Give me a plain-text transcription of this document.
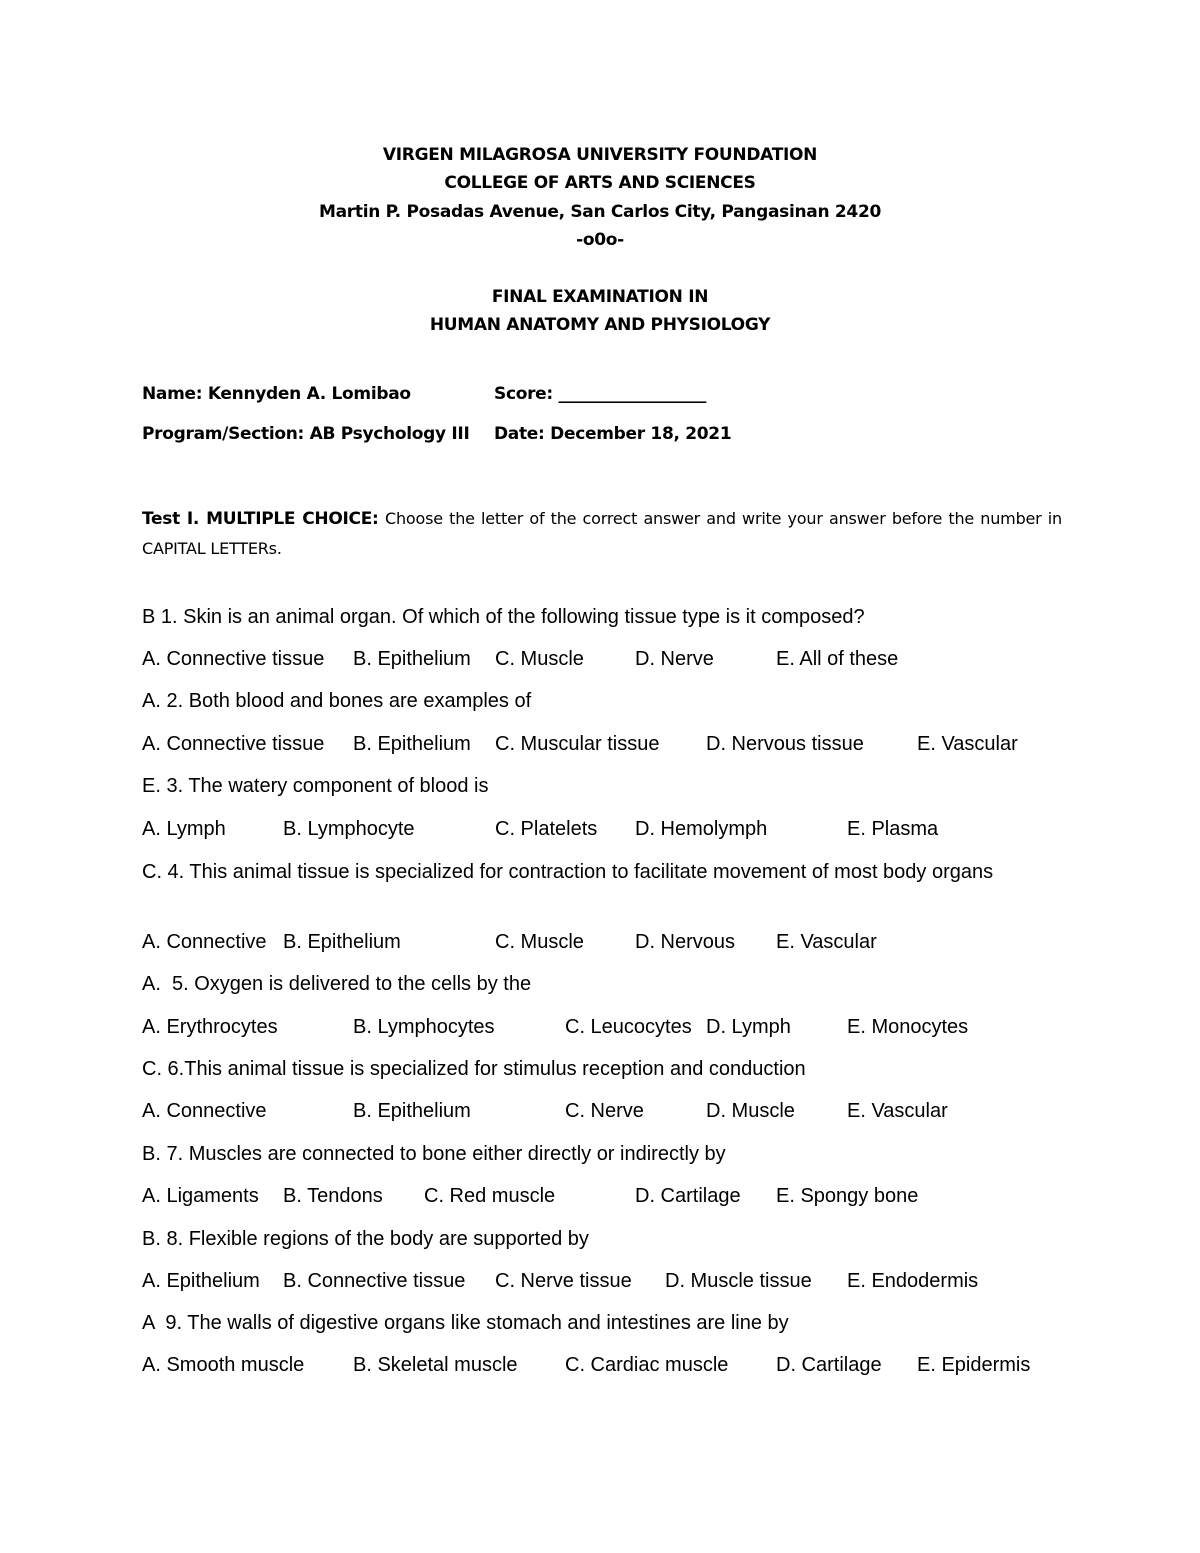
VIRGEN MILAGROSA UNIVERSITY FOUNDATION
COLLEGE OF ARTS AND SCIENCES
Martin P. Posadas Avenue, San Carlos City, Pangasinan 2420
-o0o-
FINAL EXAMINATION IN
HUMAN ANATOMY AND PHYSIOLOGY
Name: Kennyden A. Lomibao	Score: __________________
Program/Section: AB Psychology III Date: December 18, 2021
Test I. MULTIPLE CHOICE: Choose the letter of the correct answer and write your answer before the number in CAPITAL LETTERs.
B 1. Skin is an animal organ. Of which of the following tissue type is it composed?
A. Connective tissue B. Epithelium C. Muscle	D. Nerve	E. All of these
A. 2. Both blood and bones are examples of
A. Connective tissue B. Epithelium C. Muscular tissue D. Nervous tissue	E. Vascular
E. 3. The watery component of blood is
A. Lymph	B. Lymphocyte	C. Platelets D. Hemolymph	E. Plasma
C. 4. This animal tissue is specialized for contraction to facilitate movement of most body organs
A. Connective B. Epithelium	C. Muscle	D. Nervous E. Vascular
A.  5. Oxygen is delivered to the cells by the
A. Erythrocytes	B. Lymphocytes	C. Leucocytes D. Lymph	E. Monocytes
C. 6.This animal tissue is specialized for stimulus reception and conduction
A. Connective	B. Epithelium	C. Nerve	D. Muscle	E. Vascular
B. 7. Muscles are connected to bone either directly or indirectly by
A. Ligaments B. Tendons C. Red muscle	D. Cartilage E. Spongy bone
B. 8. Flexible regions of the body are supported by
A. Epithelium B. Connective tissue C. Nerve tissue D. Muscle tissue E. Endodermis
A  9. The walls of digestive organs like stomach and intestines are line by
A. Smooth muscle B. Skeletal muscle C. Cardiac muscle D. Cartilage E. Epidermis
